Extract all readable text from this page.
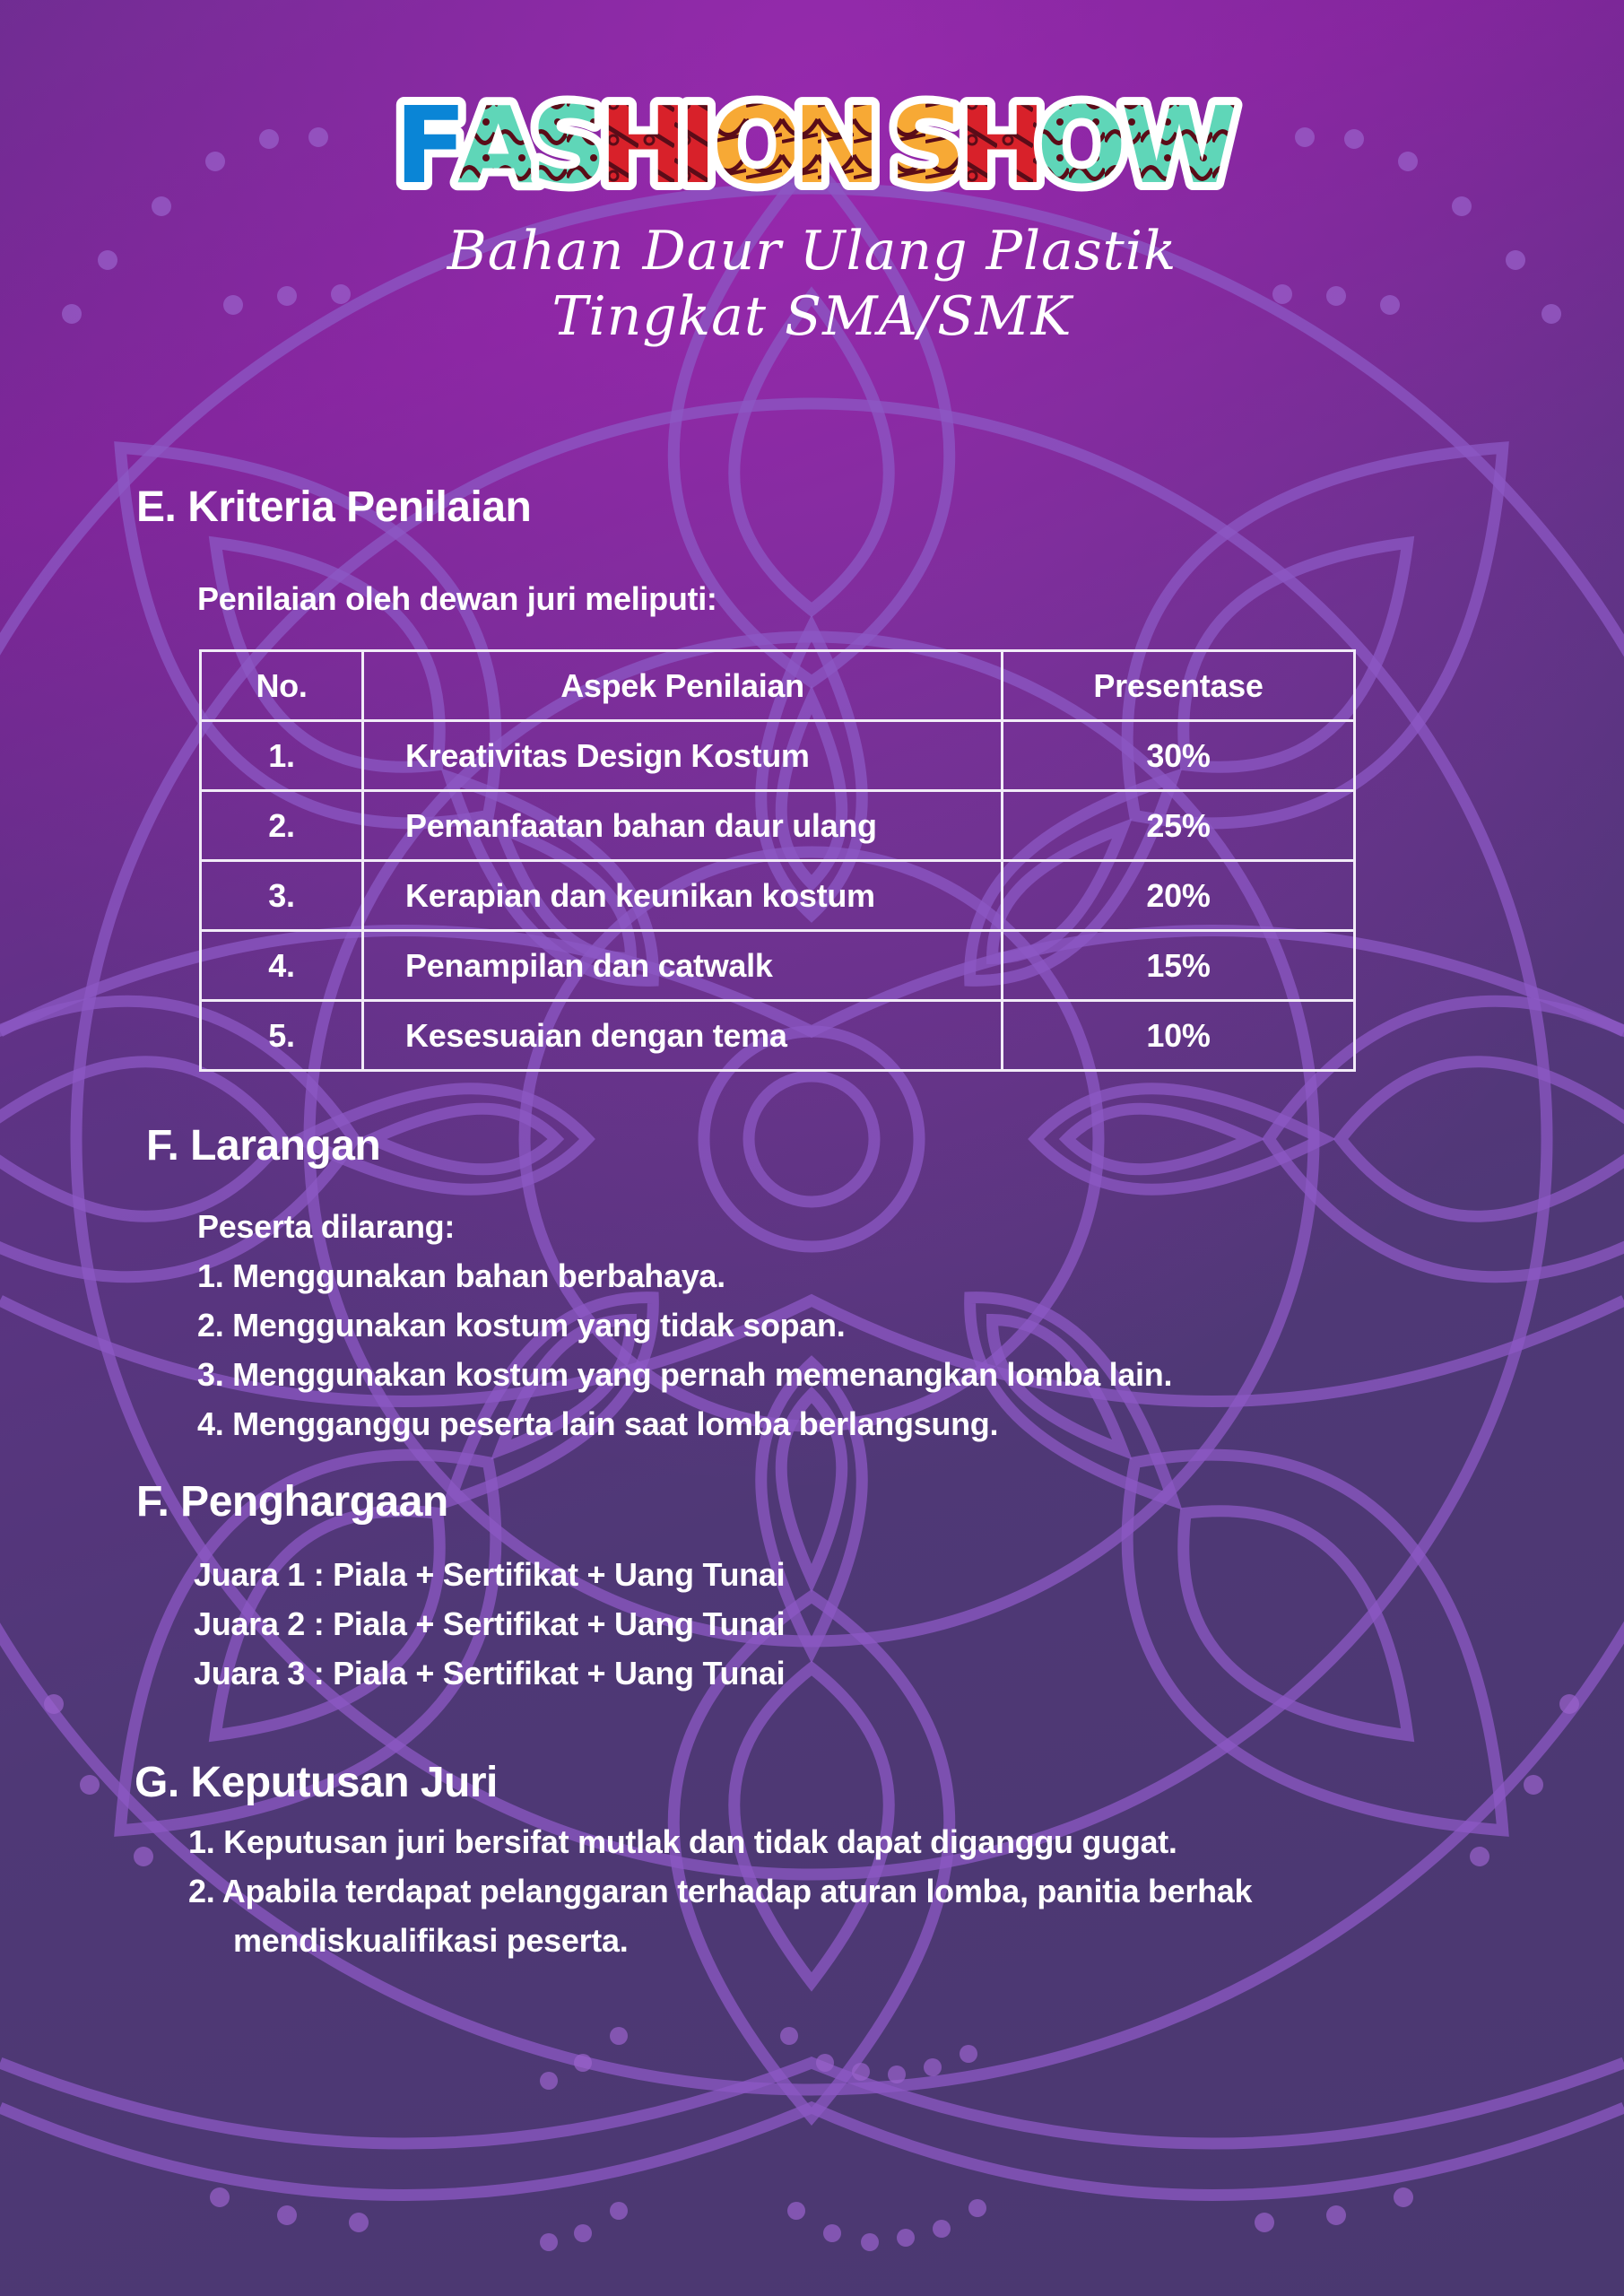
F
A
S
H
I
O
N S
H
O
W
Bahan Daur Ulang Plastik
Tingkat SMA/SMK
E. Kriteria Penilaian
Penilaian oleh dewan juri meliputi:
No.	Aspek Penilaian	Presentase
1.	Kreativitas Design Kostum	30%
2.	Pemanfaatan bahan daur ulang	25%
3.	Kerapian dan keunikan kostum	20%
4.	Penampilan dan catwalk	15%
5.	Kesesuaian dengan tema	10%
F. Larangan
Peserta dilarang:
1. Menggunakan bahan berbahaya.
2. Menggunakan kostum yang tidak sopan.
3. Menggunakan kostum yang pernah memenangkan lomba lain.
4. Mengganggu peserta lain saat lomba berlangsung.
F. Penghargaan
Juara 1 : Piala + Sertifikat + Uang Tunai
Juara 2 : Piala + Sertifikat + Uang Tunai
Juara 3 : Piala + Sertifikat + Uang Tunai
G. Keputusan Juri
1. Keputusan juri bersifat mutlak dan tidak dapat diganggu gugat.
2. Apabila terdapat pelanggaran terhadap aturan lomba, panitia berhak
mendiskualifikasi peserta.
